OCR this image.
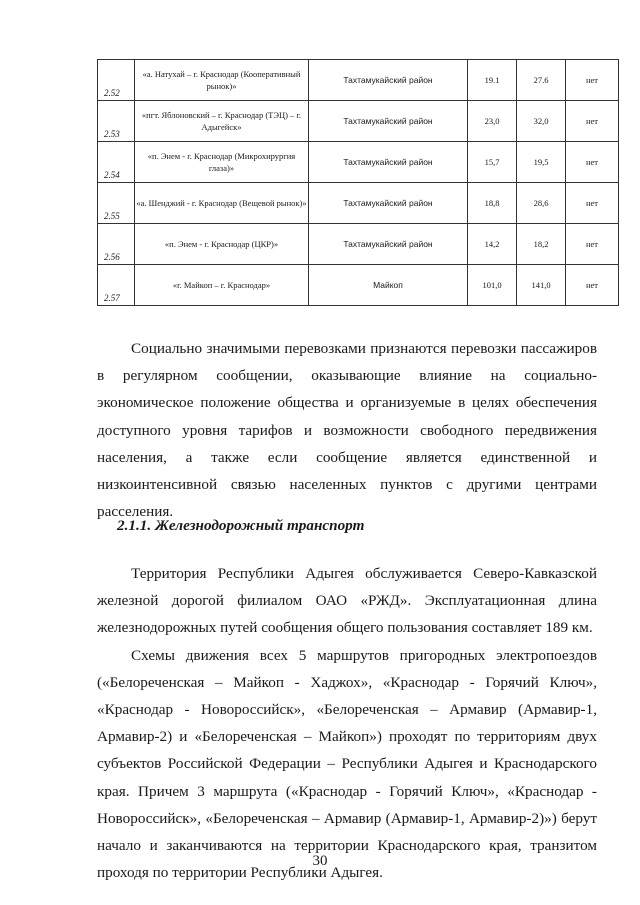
2.52	«а. Натухай – г. Краснодар (Кооперативный рынок)»	Тахтамукайский район	19.1	27.6	нет

2.53	«пгт. Яблоновский – г. Краснодар (ТЭЦ) – г. Адыгейск»	Тахтамукайский район	23,0	32,0	нет

2.54	«п. Энем - г. Краснодар (Микрохирургия глаза)»	Тахтамукайский район	15,7	19,5	нет

2.55	«а. Шенджий - г. Краснодар (Вещевой рынок)»	Тахтамукайский район	18,8	28,6	нет

2.56	«п. Энем - г. Краснодар (ЦКР)»	Тахтамукайский район	14,2	18,2	нет

2.57	«г. Майкоп – г. Краснодар»	Майкоп	101,0	141,0	нет

Социально значимыми перевозками признаются перевозки пассажиров в регулярном сообщении, оказывающие влияние на социально-экономическое положение общества и организуемые в целях обеспечения доступного уровня тарифов и возможности свободного передвижения населения, а также если сообщение является единственной и низкоинтенсивной связью населенных пунктов с другими центрами расселения.

2.1.1. Железнодорожный транспорт

Территория Республики Адыгея обслуживается Северо-Кавказской железной дорогой филиалом ОАО «РЖД». Эксплуатационная длина железнодорожных путей сообщения общего пользования составляет 189 км.

Схемы движения всех 5 маршрутов пригородных электропоездов («Белореченская – Майкоп - Хаджох», «Краснодар - Горячий Ключ», «Краснодар - Новороссийск», «Белореченская – Армавир (Армавир-1, Армавир-2) и «Белореченская – Майкоп») проходят по территориям двух субъектов Российской Федерации – Республики Адыгея и Краснодарского края. Причем 3 маршрута («Краснодар - Горячий Ключ», «Краснодар - Новороссийск», «Белореченская – Армавир (Армавир-1, Армавир-2)») берут начало и заканчиваются на территории Краснодарского края, транзитом проходя по территории Республики Адыгея.

30
